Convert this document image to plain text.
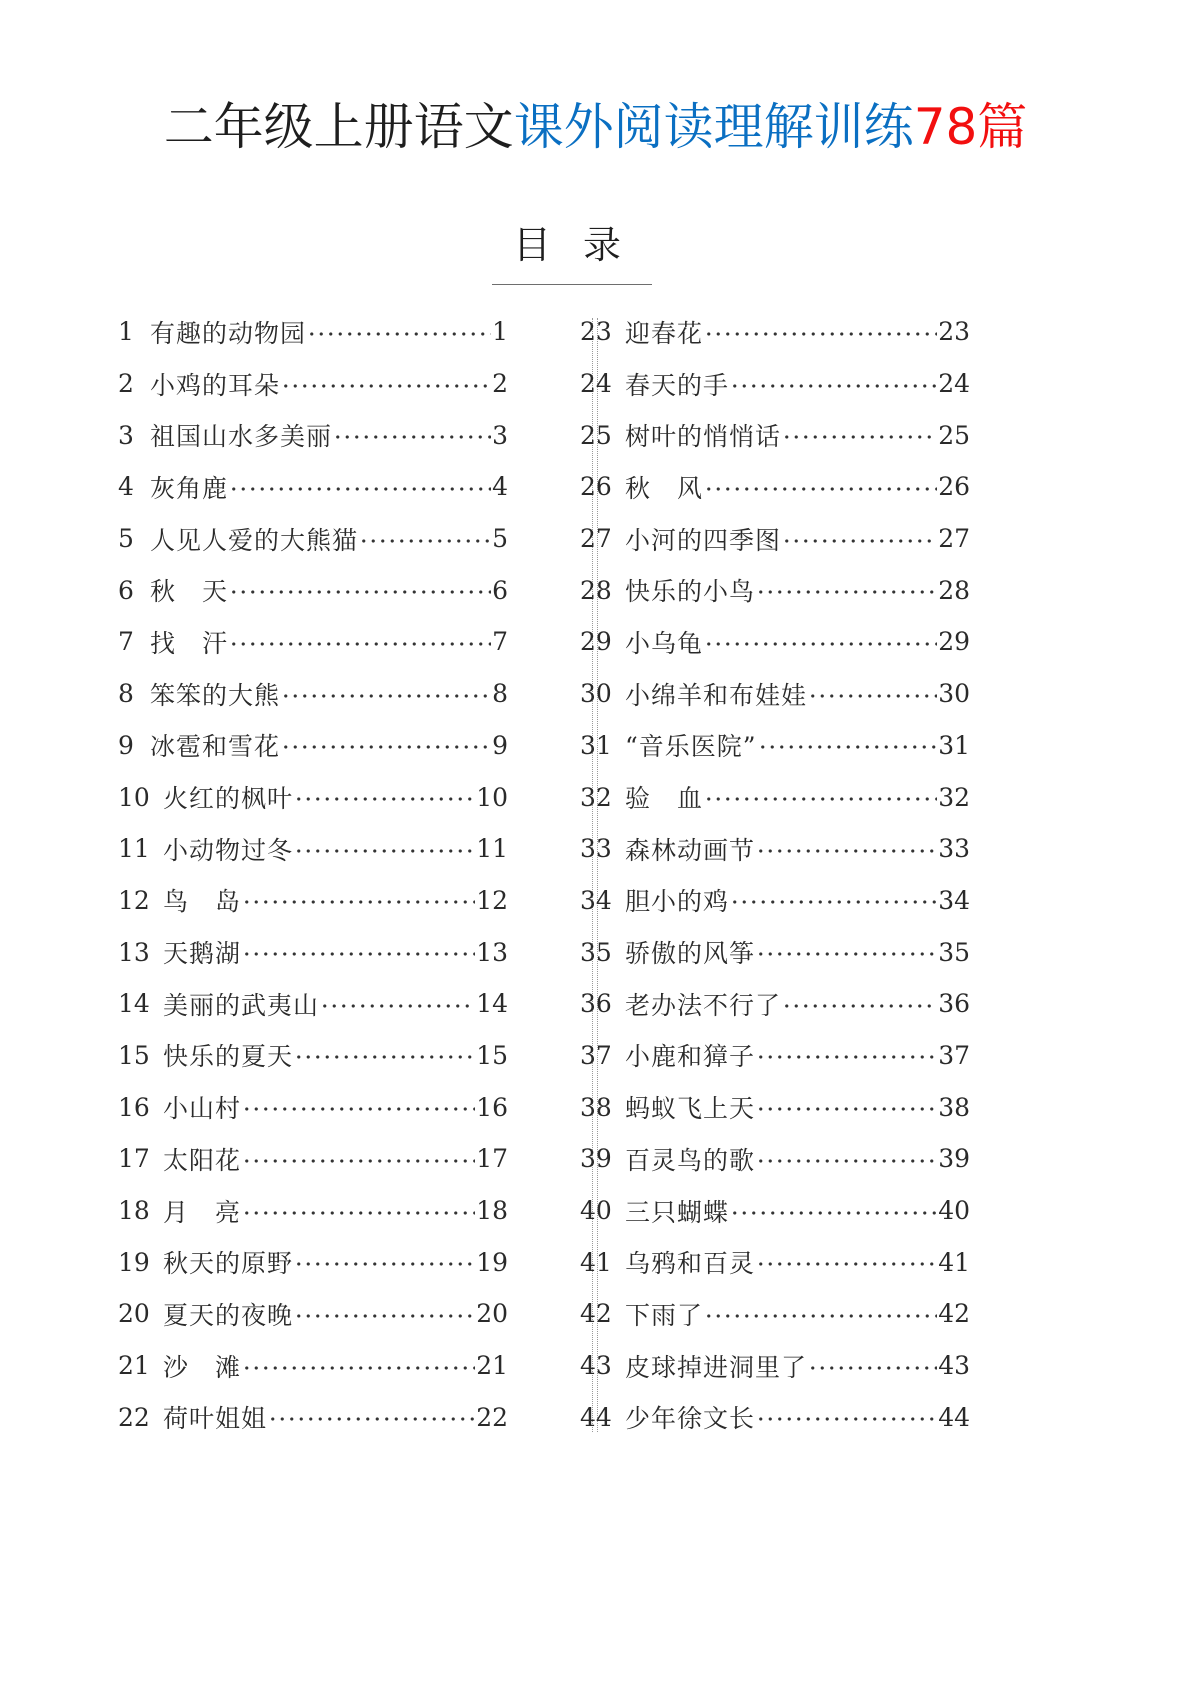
二年级上册语文课外阅读理解训练78篇
目 录
1 有趣的动物园	1
2 小鸡的耳朵	2
3 祖国山水多美丽	3
4 灰角鹿	4
5 人见人爱的大熊猫	5
6 秋　天	6
7 找　汗	7
8 笨笨的大熊	8
9 冰雹和雪花	9
10 火红的枫叶	10
11 小动物过冬	11
12 鸟　岛	12
13 天鹅湖	13
14 美丽的武夷山	14
15 快乐的夏天	15
16 小山村	16
17 太阳花	17
18 月　亮	18
19 秋天的原野	19
20 夏天的夜晚	20
21 沙　滩	21
22 荷叶姐姐	22
23 迎春花	23
24 春天的手	24
25 树叶的悄悄话	25
26 秋　风	26
27 小河的四季图	27
28 快乐的小鸟	28
29 小乌龟	29
30 小绵羊和布娃娃	30
31 “音乐医院”	31
32 验　血	32
33 森林动画节	33
34 胆小的鸡	34
35 骄傲的风筝	35
36 老办法不行了	36
37 小鹿和獐子	37
38 蚂蚁飞上天	38
39 百灵鸟的歌	39
40 三只蝴蝶	40
41 乌鸦和百灵	41
42 下雨了	42
43 皮球掉进洞里了	43
44 少年徐文长	44
